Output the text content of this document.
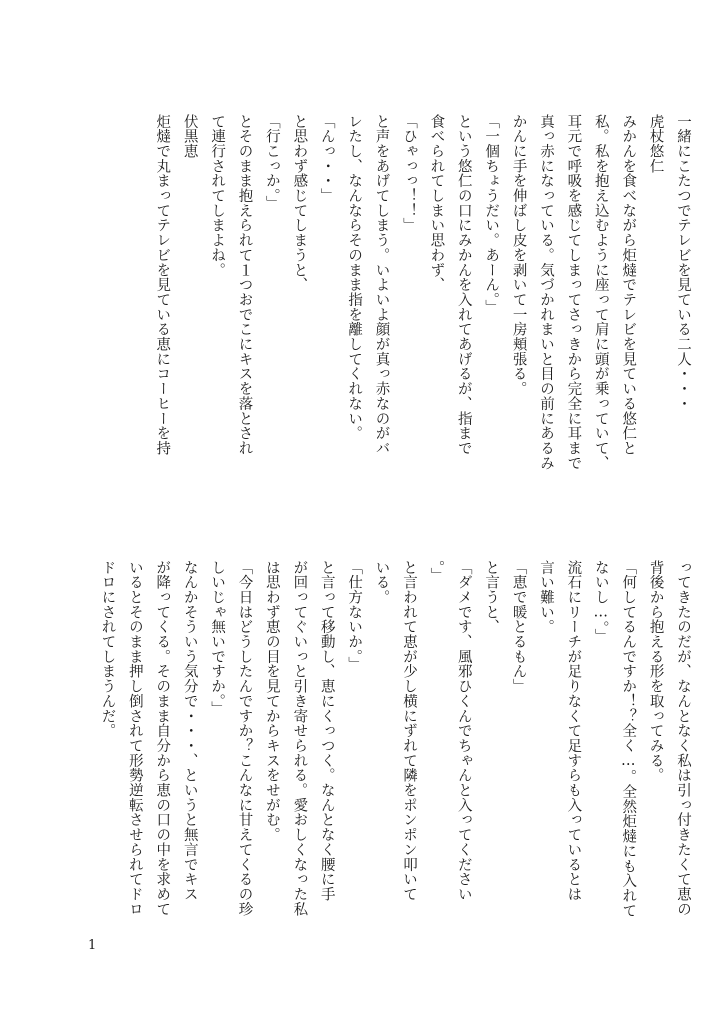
一緒にこたつでテレビを見ている二人・・・
虎杖悠仁
みかんを食べながら炬燵でテレビを見ている悠仁と
私。私を抱え込むように座って肩に頭が乗っていて、
耳元で呼吸を感じてしまってさっきから完全に耳まで
真っ赤になっている。気づかれまいと目の前にあるみ
かんに手を伸ばし皮を剥いて一房頬張る。
「一個ちょうだい。あーん。」
という悠仁の口にみかんを入れてあげるが、指まで
食べられてしまい思わず、
「ひゃっっ！！」
と声をあげてしまう。いよいよ顔が真っ赤なのがバ
レたし、なんならそのまま指を離してくれない。
「んっ・・」
と思わず感じてしまうと、
「行こっか。」
とそのまま抱えられて１つおでこにキスを落とされ
て連行されてしまよね。
伏黒恵
炬燵で丸まってテレビを見ている恵にコーヒーを持
ってきたのだが、なんとなく私は引っ付きたくて恵の
背後から抱える形を取ってみる。
「何してるんですか！？全く…。全然炬燵にも入れて
ないし…。」
流石にリーチが足りなくて足すらも入っているとは
言い難い。
「恵で暖とるもん」
と言うと、
「ダメです、風邪ひくんでちゃんと入ってください
。」
と言われて恵が少し横にずれて隣をポンポン叩いて
いる。
「仕方ないか。」
と言って移動し、恵にくっつく。なんとなく腰に手
が回ってぐいっと引き寄せられる。愛おしくなった私
は思わず恵の目を見てからキスをせがむ。
「今日はどうしたんですか？こんなに甘えてくるの珍
しいじゃ無いですか。」
なんかそういう気分で・・・、というと無言でキス
が降ってくる。そのまま自分から恵の口の中を求めて
いるとそのまま押し倒されて形勢逆転させられてドロ
ドロにされてしまうんだ。
1
